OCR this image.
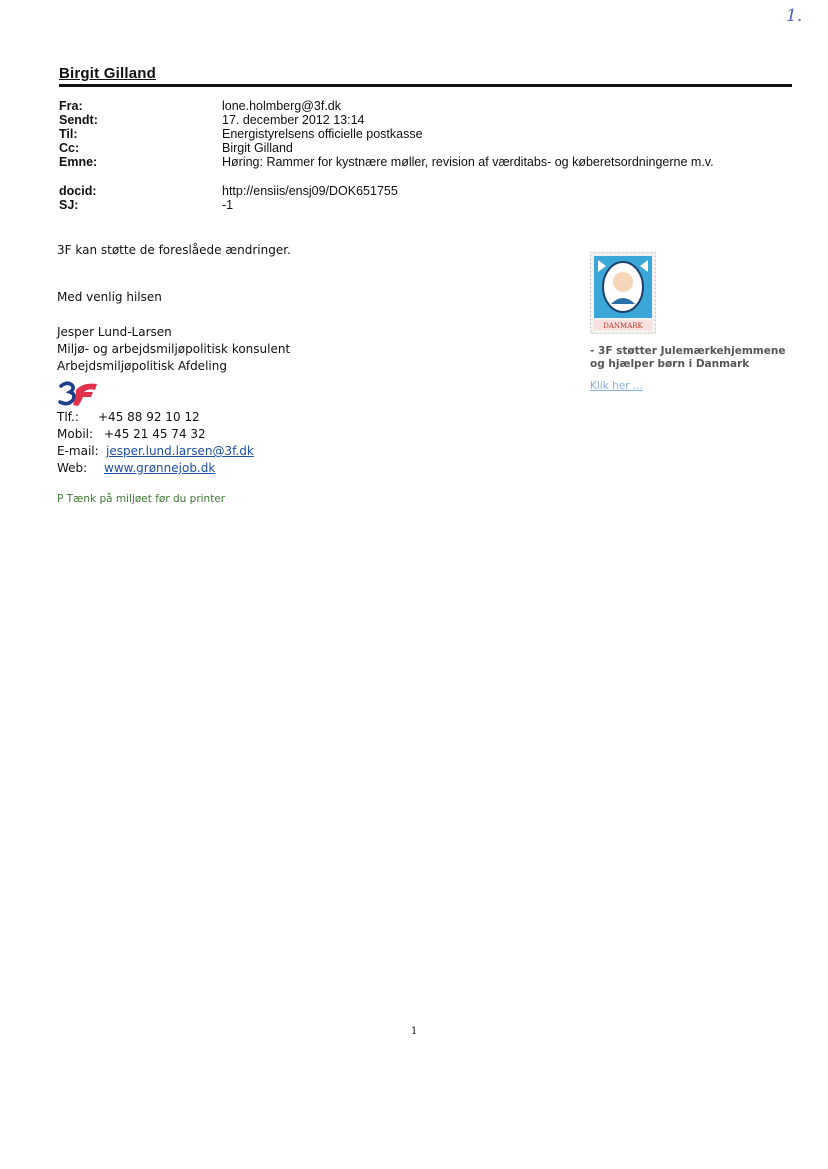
1.
Birgit Gilland
Fra:	lone.holmberg@3f.dk
Sendt:	17. december 2012 13:14
Til:	Energistyrelsens officielle postkasse
Cc:	Birgit Gilland
Emne:	Høring: Rammer for kystnære møller, revision af værditabs- og køberetsordningerne m.v.
docid:	http://ensiis/ensj09/DOK651755
SJ:	-1
3F kan støtte de foreslåede ændringer.
Med venlig hilsen
Jesper Lund-Larsen
Miljø- og arbejdsmiljøpolitisk konsulent
Arbejdsmiljøpolitisk Afdeling
Tlf.: +45 88 92 10 12
Mobil: +45 21 45 74 32
E-mail: jesper.lund.larsen@3f.dk
Web: www.grønnejob.dk
P Tænk på miljøet før du printer
DANMARK
- 3F støtter Julemærkehjemmene
og hjælper børn i Danmark
Klik her ...
1
